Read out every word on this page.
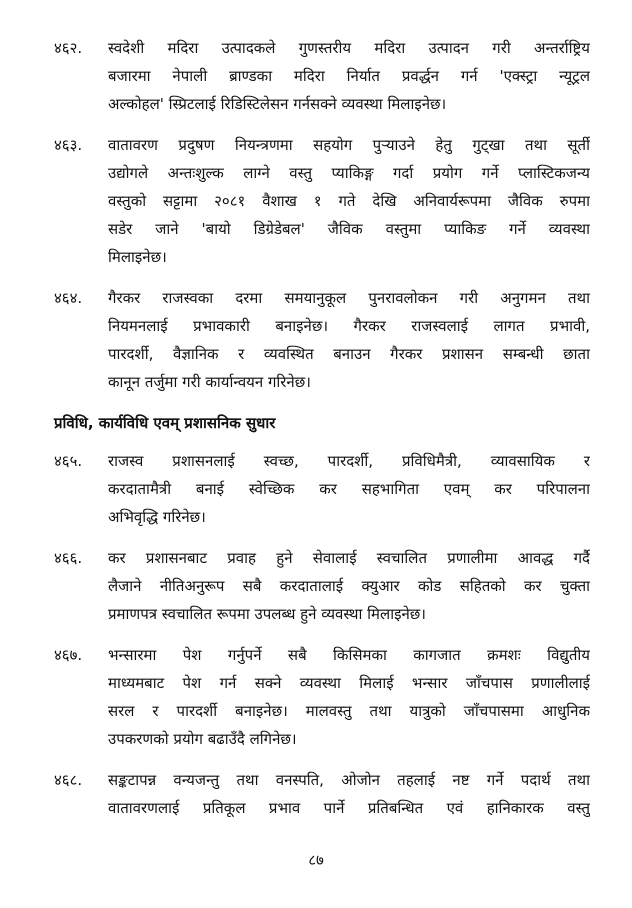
४६२.	स्वदेशी मदिरा उत्पादकले गुणस्तरीय मदिरा उत्पादन गरी अन्तर्राष्ट्रिय
बजारमा नेपाली ब्राण्डका मदिरा निर्यात प्रवर्द्धन गर्न 'एक्स्ट्रा न्यूट्रल
अल्कोहल' स्प्रिटलाई रिडिस्टिलेसन गर्नसक्ने व्यवस्था मिलाइनेछ।
४६३.	वातावरण प्रदुषण नियन्त्रणमा सहयोग पुर्‍याउने हेतु गुट्खा तथा सूर्ती
उद्योगले अन्तःशुल्क लाग्ने वस्तु प्याकिङ्ग गर्दा प्रयोग गर्ने प्लास्टिकजन्य
वस्तुको सट्टामा २०८१ वैशाख १ गते देखि अनिवार्यरूपमा जैविक रुपमा
सडेर जाने 'बायो डिग्रेडेबल' जैविक वस्तुमा प्याकिङ गर्ने व्यवस्था
मिलाइनेछ।
४६४.	गैरकर राजस्वका दरमा समयानुकूल पुनरावलोकन गरी अनुगमन तथा
नियमनलाई प्रभावकारी बनाइनेछ। गैरकर राजस्वलाई लागत प्रभावी,
पारदर्शी, वैज्ञानिक र व्यवस्थित बनाउन गैरकर प्रशासन सम्बन्धी छाता
कानून तर्जुमा गरी कार्यान्वयन गरिनेछ।
प्रविधि, कार्यविधि एवम् प्रशासनिक सुधार
४६५.	राजस्व प्रशासनलाई स्वच्छ, पारदर्शी, प्रविधिमैत्री, व्यावसायिक र
करदातामैत्री बनाई स्वेच्छिक कर सहभागिता एवम् कर परिपालना
अभिवृद्धि गरिनेछ।
४६६.	कर प्रशासनबाट प्रवाह हुने सेवालाई स्वचालित प्रणालीमा आवद्ध गर्दै
लैजाने नीतिअनुरूप सबै करदातालाई क्युआर कोड सहितको कर चुक्ता
प्रमाणपत्र स्वचालित रूपमा उपलब्ध हुने व्यवस्था मिलाइनेछ।
४६७.	भन्सारमा पेश गर्नुपर्ने सबै किसिमका कागजात क्रमशः विद्युतीय
माध्यमबाट पेश गर्न सक्ने व्यवस्था मिलाई भन्सार जाँचपास प्रणालीलाई
सरल र पारदर्शी बनाइनेछ। मालवस्तु तथा यात्रुको जाँचपासमा आधुनिक
उपकरणको प्रयोग बढाउँदै लगिनेछ।
४६८.	सङ्कटापन्न वन्यजन्तु तथा वनस्पति, ओजोन तहलाई नष्ट गर्ने पदार्थ तथा
वातावरणलाई प्रतिकूल प्रभाव पार्ने प्रतिबन्धित एवं हानिकारक वस्तु
८७
